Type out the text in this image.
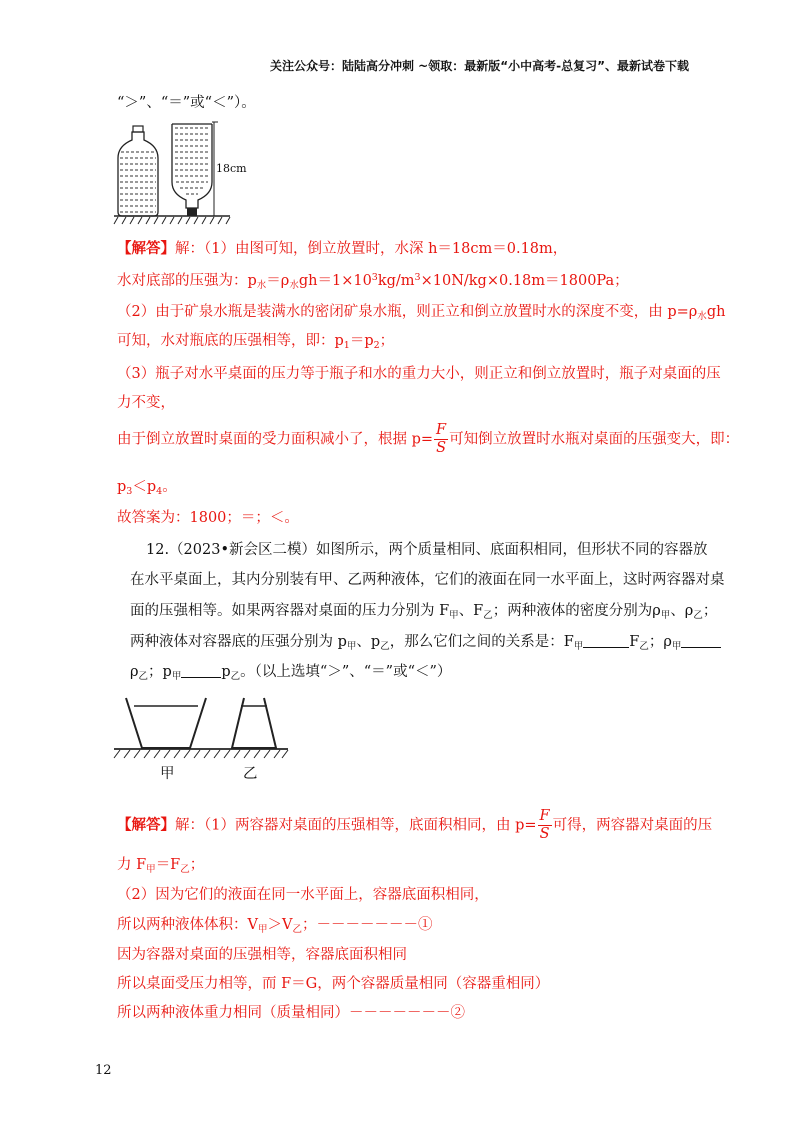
关注公众号：陆陆高分冲刺 ~领取：最新版“小中高考-总复习”、最新试卷下载
“＞”、“＝”或“＜”）。
18cm
【解答】解：（1）由图可知，倒立放置时，水深 h＝18cm＝0.18m，
水对底部的压强为：$p_水=\rho_水gh=1\times 10^3kg/m^3\times 10N/kg\times 0.18m=1800Pa$；
（2）由于矿泉水瓶是装满水的密闭矿泉水瓶，则正立和倒立放置时水的深度不变，由 $p=\rho_水gh$
可知，水对瓶底的压强相等，即：$p_1=p_2$；
（3）瓶子对水平桌面的压力等于瓶子和水的重力大小，则正立和倒立放置时，瓶子对桌面的压
力不变，
由于倒立放置时桌面的受力面积减小了，根据 $p= \frac{F}{S}$ 可知倒立放置时水瓶对桌面的压强变大，即：
$p_3<p_4$。
故答案为：1800；＝；＜。
12.（2023•新会区二模）如图所示，两个质量相同、底面积相同，但形状不同的容器放
在水平桌面上，其内分别装有甲、乙两种液体，它们的液面在同一水平面上，这时两容器对桌
面的压强相等。如果两容器对桌面的压力分别为 $F_甲$、$F_乙$；两种液体的密度分别为$\rho_甲$、$\rho_乙$；
两种液体对容器底的压强分别为 $p_甲$、$p_乙$，那么它们之间的关系是：$F_甲$	$F_乙$；$\rho_甲$
$\rho_乙$；$p_甲$	$p_乙$。（以上选填“＞”、“＝”或“＜”）
甲	乙
【解答】解：（1）两容器对桌面的压强相等，底面积相同，由 $p= \frac{F}{S}$ 可得，两容器对桌面的压
力 $F_甲=F_乙$；
（2）因为它们的液面在同一水平面上，容器底面积相同，
所以两种液体体积：$V_甲>V_乙$；－－－－－－－①
因为容器对桌面的压强相等，容器底面积相同
所以桌面受压力相等，而 F＝G，两个容器质量相同（容器重相同）
所以两种液体重力相同（质量相同）－－－－－－－②
12
